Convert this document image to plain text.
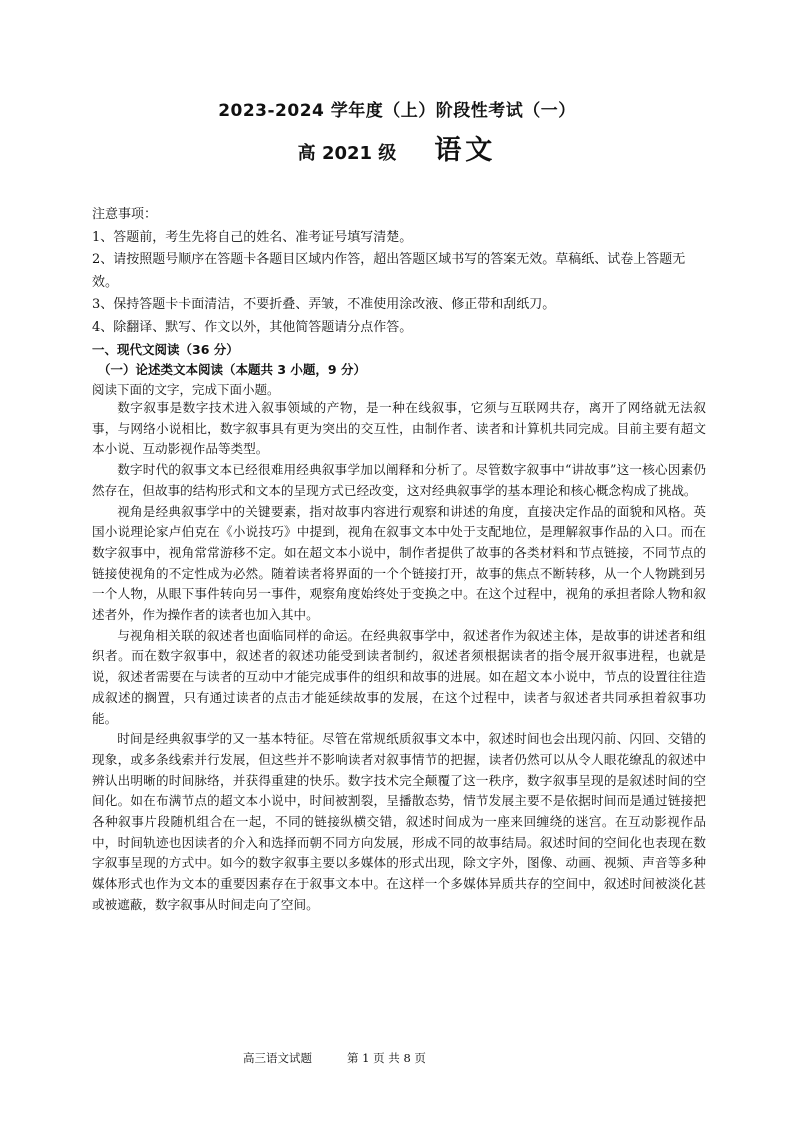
2023-2024 学年度（上）阶段性考试（一）
高 2021 级 语文

注意事项：

1、答题前，考生先将自己的姓名、准考证号填写清楚。

2、请按照题号顺序在答题卡各题目区域内作答，超出答题区域书写的答案无效。草稿纸、试卷上答题无效。

3、保持答题卡卡面清洁，不要折叠、弄皱，不准使用涂改液、修正带和刮纸刀。

4、除翻译、默写、作文以外，其他简答题请分点作答。

一、现代文阅读（36 分）

（一）论述类文本阅读（本题共 3 小题，9 分）

阅读下面的文字，完成下面小题。

数字叙事是数字技术进入叙事领域的产物，是一种在线叙事，它须与互联网共存，离开了网络就无法叙事，与网络小说相比，数字叙事具有更为突出的交互性，由制作者、读者和计算机共同完成。目前主要有超文本小说、互动影视作品等类型。

数字时代的叙事文本已经很难用经典叙事学加以阐释和分析了。尽管数字叙事中“讲故事”这一核心因素仍然存在，但故事的结构形式和文本的呈现方式已经改变，这对经典叙事学的基本理论和核心概念构成了挑战。

视角是经典叙事学中的关键要素，指对故事内容进行观察和讲述的角度，直接决定作品的面貌和风格。英国小说理论家卢伯克在《小说技巧》中提到，视角在叙事文本中处于支配地位，是理解叙事作品的入口。而在数字叙事中，视角常常游移不定。如在超文本小说中，制作者提供了故事的各类材料和节点链接，不同节点的链接使视角的不定性成为必然。随着读者将界面的一个个链接打开，故事的焦点不断转移，从一个人物跳到另一个人物，从眼下事件转向另一事件，观察角度始终处于变换之中。在这个过程中，视角的承担者除人物和叙述者外，作为操作者的读者也加入其中。

与视角相关联的叙述者也面临同样的命运。在经典叙事学中，叙述者作为叙述主体，是故事的讲述者和组织者。而在数字叙事中，叙述者的叙述功能受到读者制约，叙述者须根据读者的指令展开叙事进程，也就是说，叙述者需要在与读者的互动中才能完成事件的组织和故事的进展。如在超文本小说中，节点的设置往往造成叙述的搁置，只有通过读者的点击才能延续故事的发展，在这个过程中，读者与叙述者共同承担着叙事功能。

时间是经典叙事学的又一基本特征。尽管在常规纸质叙事文本中，叙述时间也会出现闪前、闪回、交错的现象，或多条线索并行发展，但这些并不影响读者对叙事情节的把握，读者仍然可以从令人眼花缭乱的叙述中辨认出明晰的时间脉络，并获得重建的快乐。数字技术完全颠覆了这一秩序，数字叙事呈现的是叙述时间的空间化。如在布满节点的超文本小说中，时间被割裂，呈播散态势，情节发展主要不是依据时间而是通过链接把各种叙事片段随机组合在一起，不同的链接纵横交错，叙述时间成为一座来回缠绕的迷宫。在互动影视作品中，时间轨迹也因读者的介入和选择而朝不同方向发展，形成不同的故事结局。叙述时间的空间化也表现在数字叙事呈现的方式中。如今的数字叙事主要以多媒体的形式出现，除文字外，图像、动画、视频、声音等多种媒体形式也作为文本的重要因素存在于叙事文本中。在这样一个多媒体异质共存的空间中，叙述时间被淡化甚或被遮蔽，数字叙事从时间走向了空间。

高三语文试题	第 1 页 共 8 页
